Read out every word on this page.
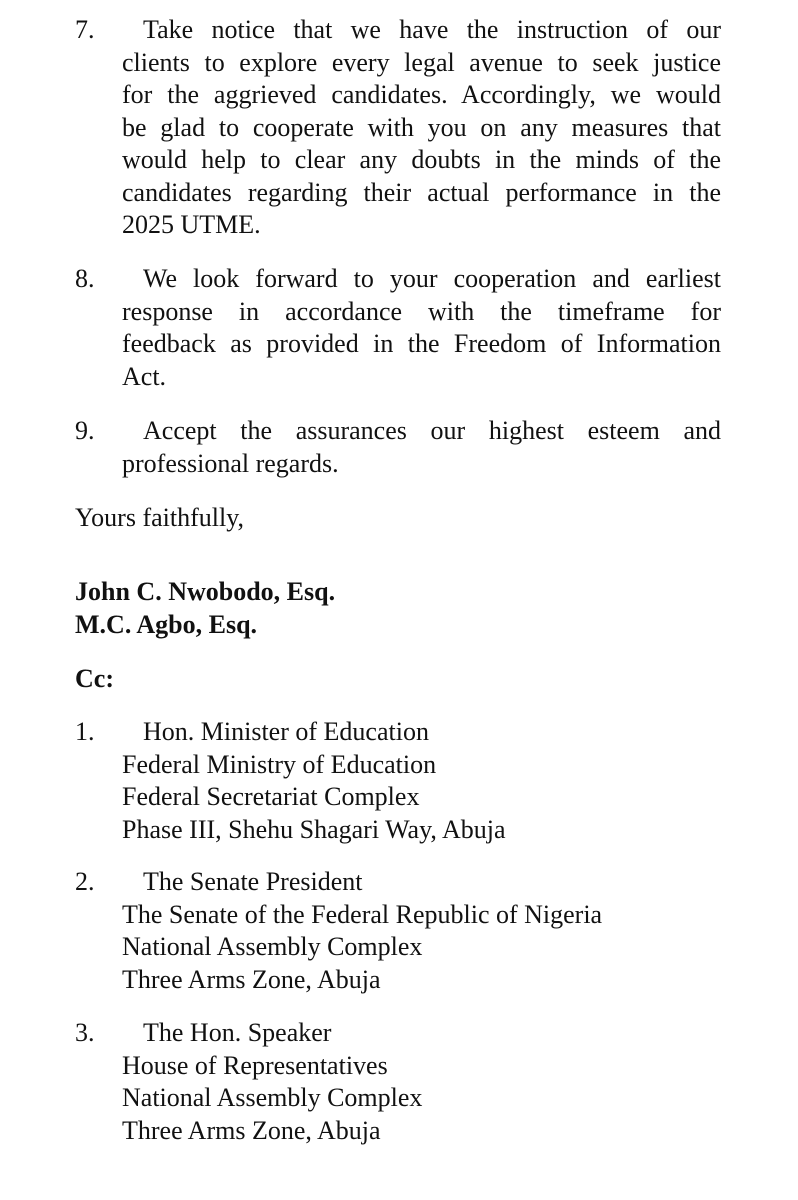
7.	Take notice that we have the instruction of our
clients to explore every legal avenue to seek justice
for the aggrieved candidates. Accordingly, we would
be glad to cooperate with you on any measures that
would help to clear any doubts in the minds of the
candidates regarding their actual performance in the
2025 UTME.
8.	We look forward to your cooperation and earliest
response in accordance with the timeframe for
feedback as provided in the Freedom of Information
Act.
9.	Accept the assurances our highest esteem and
professional regards.
Yours faithfully,
John C. Nwobodo, Esq.
M.C. Agbo, Esq.
Cc:
1.	Hon. Minister of Education
Federal Ministry of Education
Federal Secretariat Complex
Phase III, Shehu Shagari Way, Abuja
2.	The Senate President
The Senate of the Federal Republic of Nigeria
National Assembly Complex
Three Arms Zone, Abuja
3.	The Hon. Speaker
House of Representatives
National Assembly Complex
Three Arms Zone, Abuja
